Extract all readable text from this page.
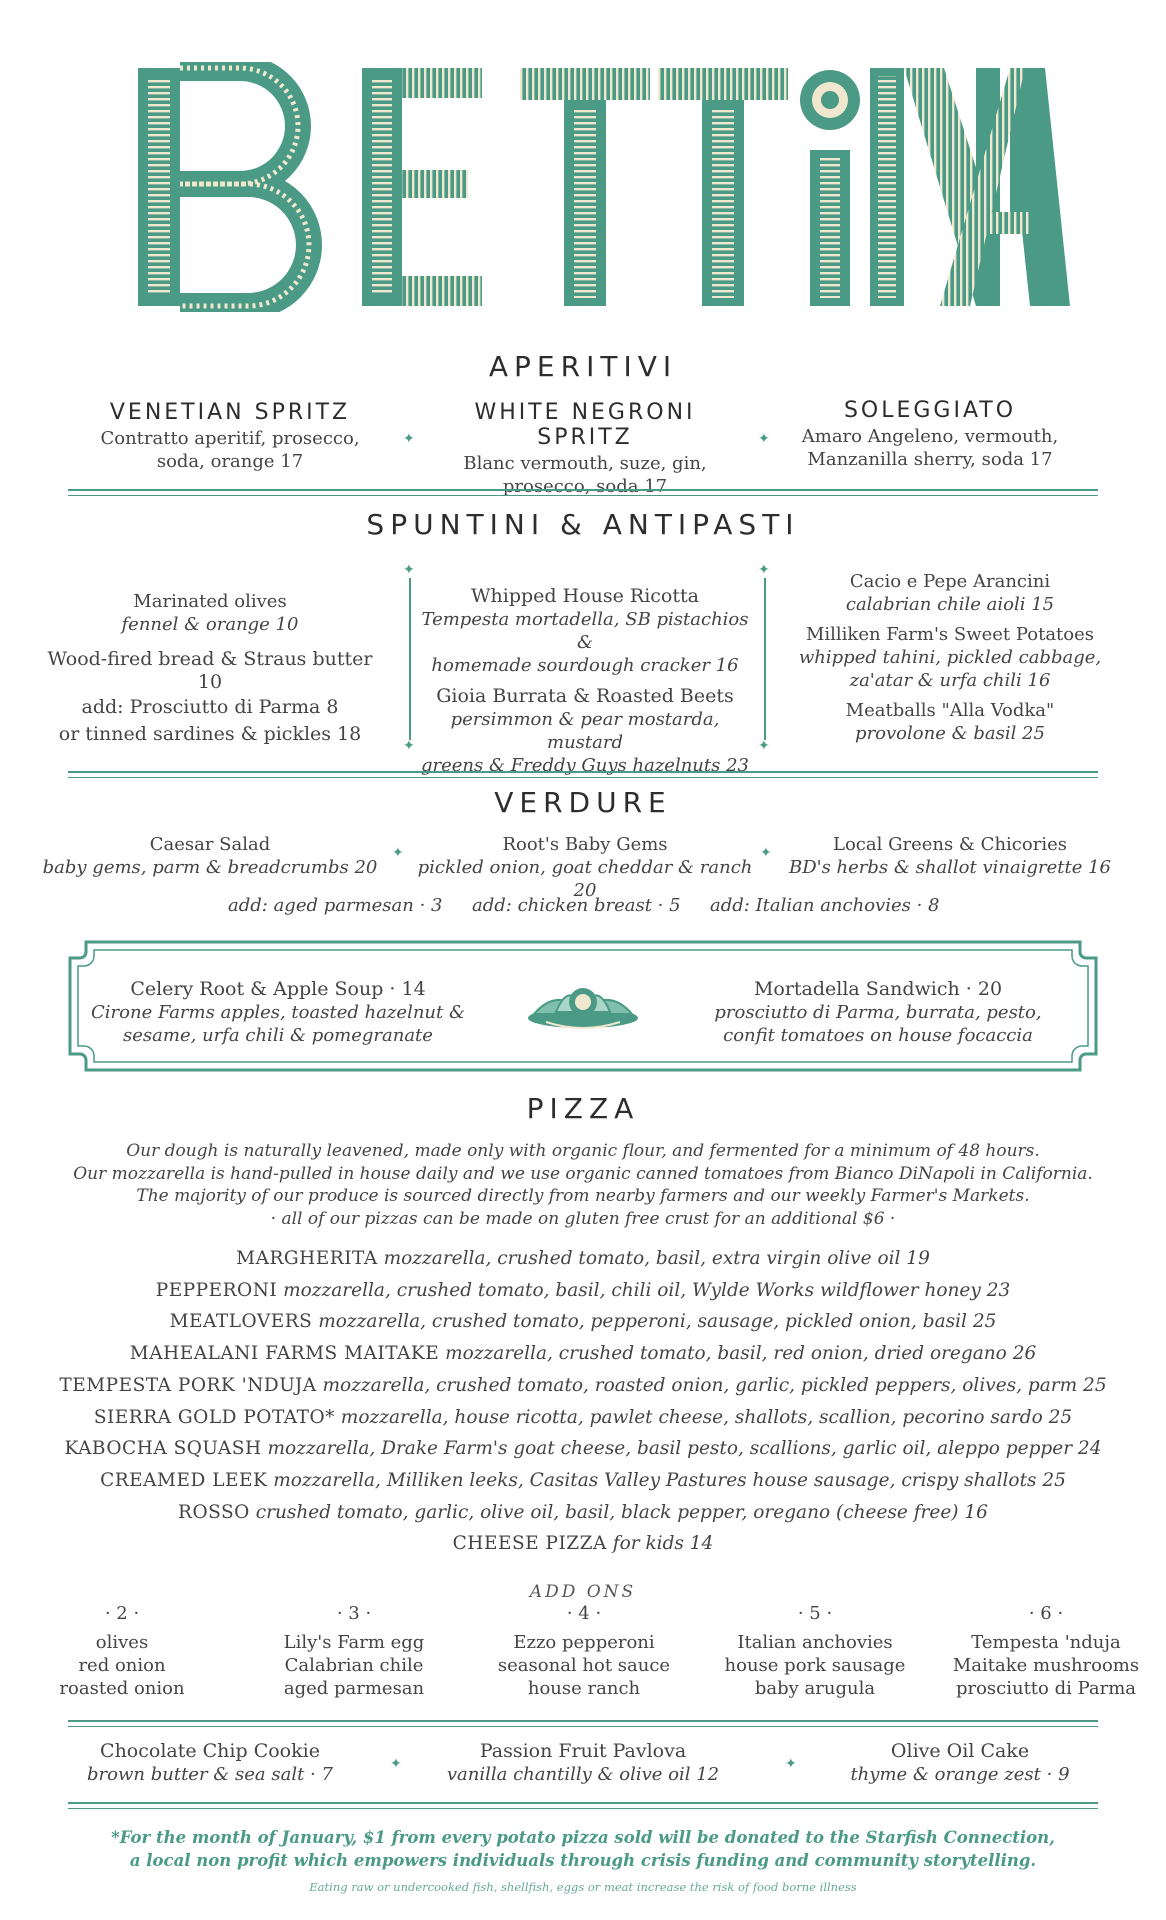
APERITIVI
VENETIAN SPRITZ
Contratto aperitif, prosecco,
soda, orange 17
✦
WHITE NEGRONI SPRITZ
Blanc vermouth, suze, gin,
prosecco, soda 17
✦
SOLEGGIATO
Amaro Angeleno, vermouth,
Manzanilla sherry, soda 17
SPUNTINI & ANTIPASTI
Marinated olives
fennel & orange 10
Wood-fired bread & Straus butter 10
add: Prosciutto di Parma 8
or tinned sardines & pickles 18
✦
✦
Whipped House Ricotta
Tempesta mortadella, SB pistachios &
homemade sourdough cracker 16
Gioia Burrata & Roasted Beets
persimmon & pear mostarda, mustard
greens & Freddy Guys hazelnuts 23
✦
✦
Cacio e Pepe Arancini
calabrian chile aioli 15
Milliken Farm's Sweet Potatoes
whipped tahini, pickled cabbage,
za'atar & urfa chili 16
Meatballs "Alla Vodka"
provolone & basil 25
VERDURE
Caesar Salad
baby gems, parm & breadcrumbs 20
✦	Root's Baby Gems
pickled onion, goat cheddar & ranch 20
✦	Local Greens & Chicories
BD's herbs & shallot vinaigrette 16
add: aged parmesan · 3 add: chicken breast · 5 add: Italian anchovies · 8
Celery Root & Apple Soup · 14
Cirone Farms apples, toasted hazelnut &
sesame, urfa chili & pomegranate
Mortadella Sandwich · 20
prosciutto di Parma, burrata, pesto,
confit tomatoes on house focaccia
PIZZA
Our dough is naturally leavened, made only with organic flour, and fermented for a minimum of 48 hours.
Our mozzarella is hand-pulled in house daily and we use organic canned tomatoes from Bianco DiNapoli in California.
The majority of our produce is sourced directly from nearby farmers and our weekly Farmer's Markets.
· all of our pizzas can be made on gluten free crust for an additional $6 ·
MARGHERITA mozzarella, crushed tomato, basil, extra virgin olive oil 19
PEPPERONI mozzarella, crushed tomato, basil, chili oil, Wylde Works wildflower honey 23
MEATLOVERS mozzarella, crushed tomato, pepperoni, sausage, pickled onion, basil 25
MAHEALANI FARMS MAITAKE mozzarella, crushed tomato, basil, red onion, dried oregano 26
TEMPESTA PORK 'NDUJA mozzarella, crushed tomato, roasted onion, garlic, pickled peppers, olives, parm 25
SIERRA GOLD POTATO* mozzarella, house ricotta, pawlet cheese, shallots, scallion, pecorino sardo 25
KABOCHA SQUASH mozzarella, Drake Farm's goat cheese, basil pesto, scallions, garlic oil, aleppo pepper 24
CREAMED LEEK mozzarella, Milliken leeks, Casitas Valley Pastures house sausage, crispy shallots 25
ROSSO crushed tomato, garlic, olive oil, basil, black pepper, oregano (cheese free) 16
CHEESE PIZZA for kids 14
ADD ONS
· 2 ·
olives
red onion
roasted onion
· 3 ·
Lily's Farm egg
Calabrian chile
aged parmesan
· 4 ·
Ezzo pepperoni
seasonal hot sauce
house ranch
· 5 ·
Italian anchovies
house pork sausage
baby arugula
· 6 ·
Tempesta 'nduja
Maitake mushrooms
prosciutto di Parma
Chocolate Chip Cookie
brown butter & sea salt · 7	✦
Passion Fruit Pavlova
vanilla chantilly & olive oil 12	✦
Olive Oil Cake
thyme & orange zest · 9
*For the month of January, $1 from every potato pizza sold will be donated to the Starfish Connection,
a local non profit which empowers individuals through crisis funding and community storytelling.
Eating raw or undercooked fish, shellfish, eggs or meat increase the risk of food borne illness
